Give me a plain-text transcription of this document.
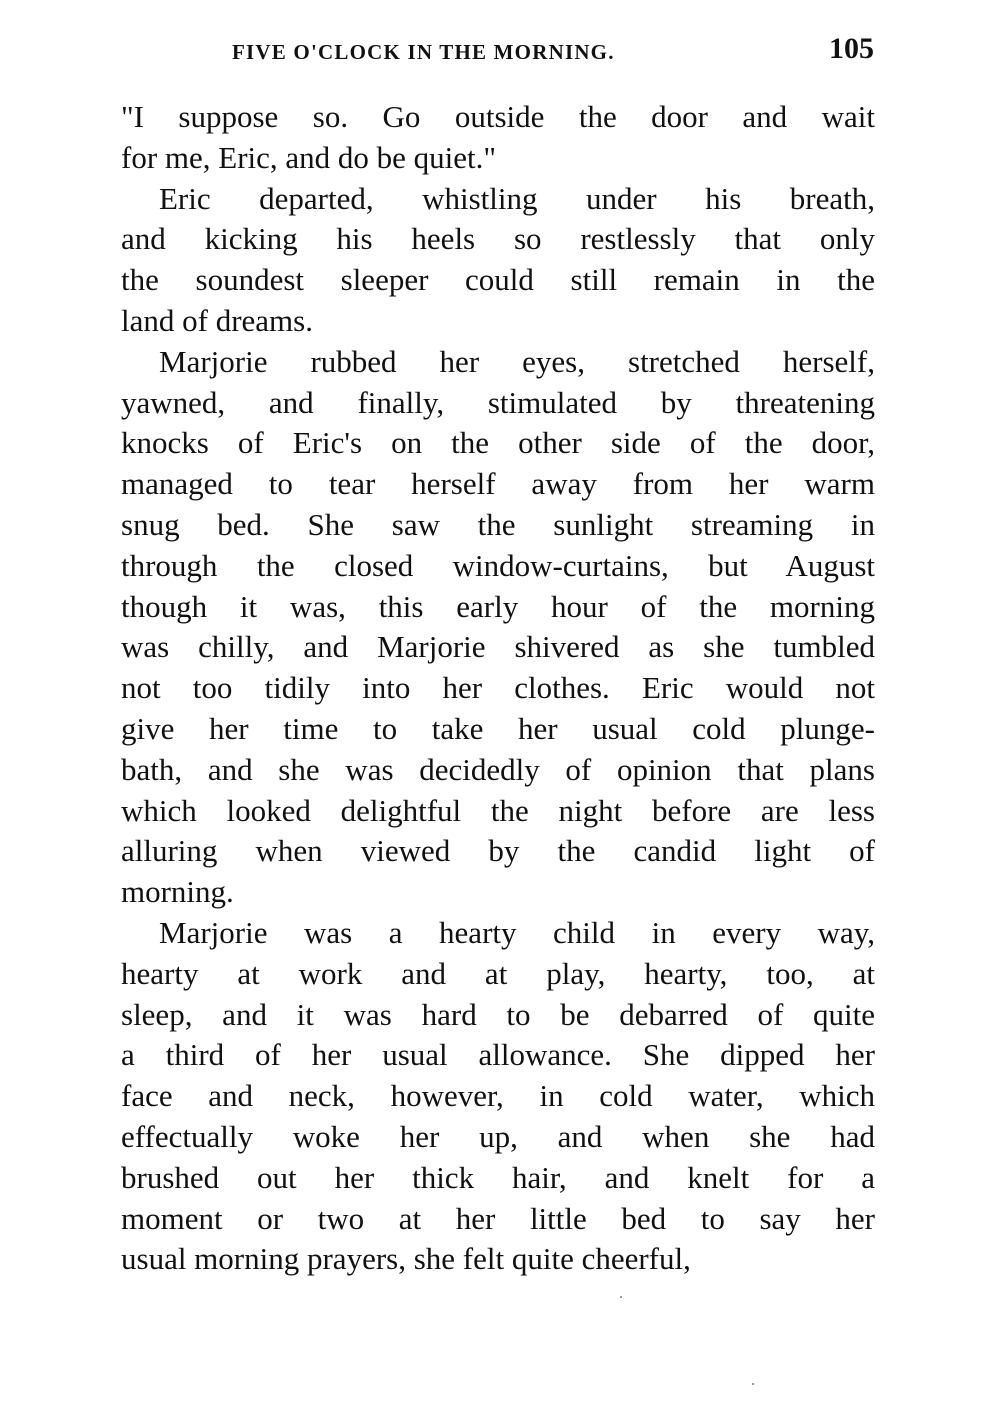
FIVE O'CLOCK IN THE MORNING.	105
"I suppose so. Go outside the door and wait
for me, Eric, and do be quiet."
Eric departed, whistling under his breath,
and kicking his heels so restlessly that only
the soundest sleeper could still remain in the
land of dreams.
Marjorie rubbed her eyes, stretched herself,
yawned, and finally, stimulated by threatening
knocks of Eric's on the other side of the door,
managed to tear herself away from her warm
snug bed. She saw the sunlight streaming in
through the closed window-curtains, but August
though it was, this early hour of the morning
was chilly, and Marjorie shivered as she tumbled
not too tidily into her clothes. Eric would not
give her time to take her usual cold plunge-
bath, and she was decidedly of opinion that plans
which looked delightful the night before are less
alluring when viewed by the candid light of
morning.
Marjorie was a hearty child in every way,
hearty at work and at play, hearty, too, at
sleep, and it was hard to be debarred of quite
a third of her usual allowance. She dipped her
face and neck, however, in cold water, which
effectually woke her up, and when she had
brushed out her thick hair, and knelt for a
moment or two at her little bed to say her
usual morning prayers, she felt quite cheerful,
